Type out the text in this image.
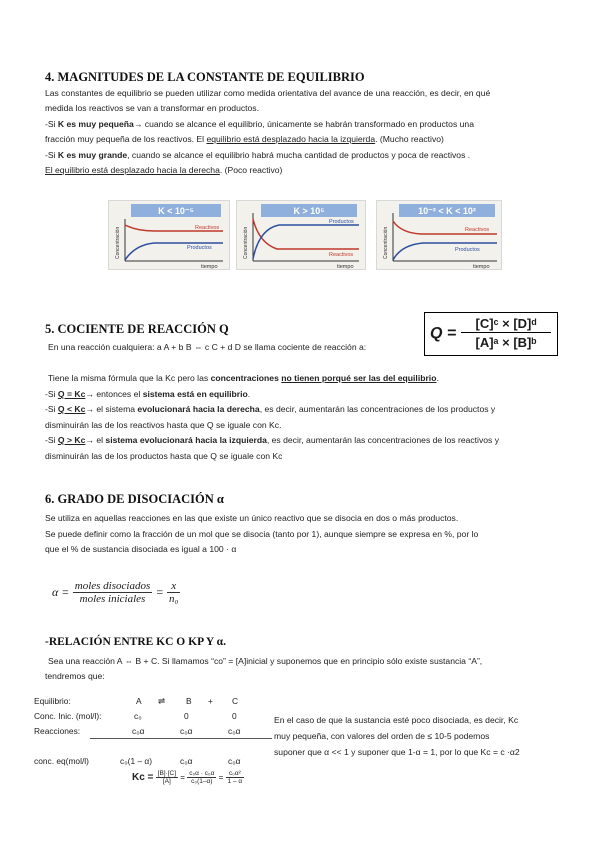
4. MAGNITUDES DE LA CONSTANTE DE EQUILIBRIO
Las constantes de equilibrio se pueden utilizar como medida orientativa del avance de una reacción, es decir, en qué
medida los reactivos se van a transformar en productos.
-Si K es muy pequeña→ cuando se alcance el equilibrio, únicamente se habrán transformado en productos una
fracción muy pequeña de los reactivos. El equilibrio está desplazado hacia la izquierda. (Mucho reactivo)
-Si K es muy grande, cuando se alcance el equilibrio habrá mucha cantidad de productos y poca de reactivos .
El equilibrio está desplazado hacia la derecha. (Poco reactivo)
K < 10⁻⁵
Reactivos
Productos
tiempo
Concentración
K > 10⁵
Productos
Reactivos
tiempo
Concentración
10⁻² < K < 10²
Reactivos
Productos
tiempo
Concentración
5. COCIENTE DE REACCIÓN Q
En una reacción cualquiera: a A + b B ⇔ c C + d D se llama cociente de reacción a:
Q =
[C]ᶜ × [D]ᵈ
[A]ᵃ × [B]ᵇ
Tiene la misma fórmula que la Kc pero las concentraciones no tienen porqué ser las del equilibrio.
-Si Q = Kc→ entonces el sistema está en equilibrio.
-Si Q < Kc→ el sistema evolucionará hacia la derecha, es decir, aumentarán las concentraciones de los productos y
disminuirán las de los reactivos hasta que Q se iguale con Kc.
-Si Q > Kc→ el sistema evolucionará hacia la izquierda, es decir, aumentarán las concentraciones de los reactivos y
disminuirán las de los productos hasta que Q se iguale con Kc
6. GRADO DE DISOCIACIÓN α
Se utiliza en aquellas reacciones en las que existe un único reactivo que se disocia en dos o más productos.
Se puede definir como la fracción de un mol que se disocia (tanto por 1), aunque siempre se expresa en %, por lo
que el % de sustancia disociada es igual a 100 · α
$\alpha = \frac{\text{moles disociados}}{\text{moles iniciales}} = \frac{x}{\text{n₀}}$
-RELACIÓN ENTRE KC O KP Y α.
Sea una reacción A ⇔ B + C. Si llamamos “co” = [A]inicial y suponemos que en principio sólo existe sustancia “A”,
tendremos que:
Equilibrio:	A ⇌ B + C
Conc. Inic. (mol/l):	c₀	0	0
Reacciones:	c₀α	c₀α	c₀α
conc. eq(mol/l)	c₀(1 – α)	c₀α	c₀α
$Kc = \frac{[B]\cdot[C]}{[A]} = \frac{\text{c₀α · c₀α}}{\text{c₀(1–α)}} = \frac{\text{c₀α²}}{1 - \alpha}$
En el caso de que la sustancia esté poco disociada, es decir, Kc
muy pequeña, con valores del orden de ≤ 10-5 podemos
suponer que α << 1 y suponer que 1-α = 1, por lo que Kc = c ·α2
